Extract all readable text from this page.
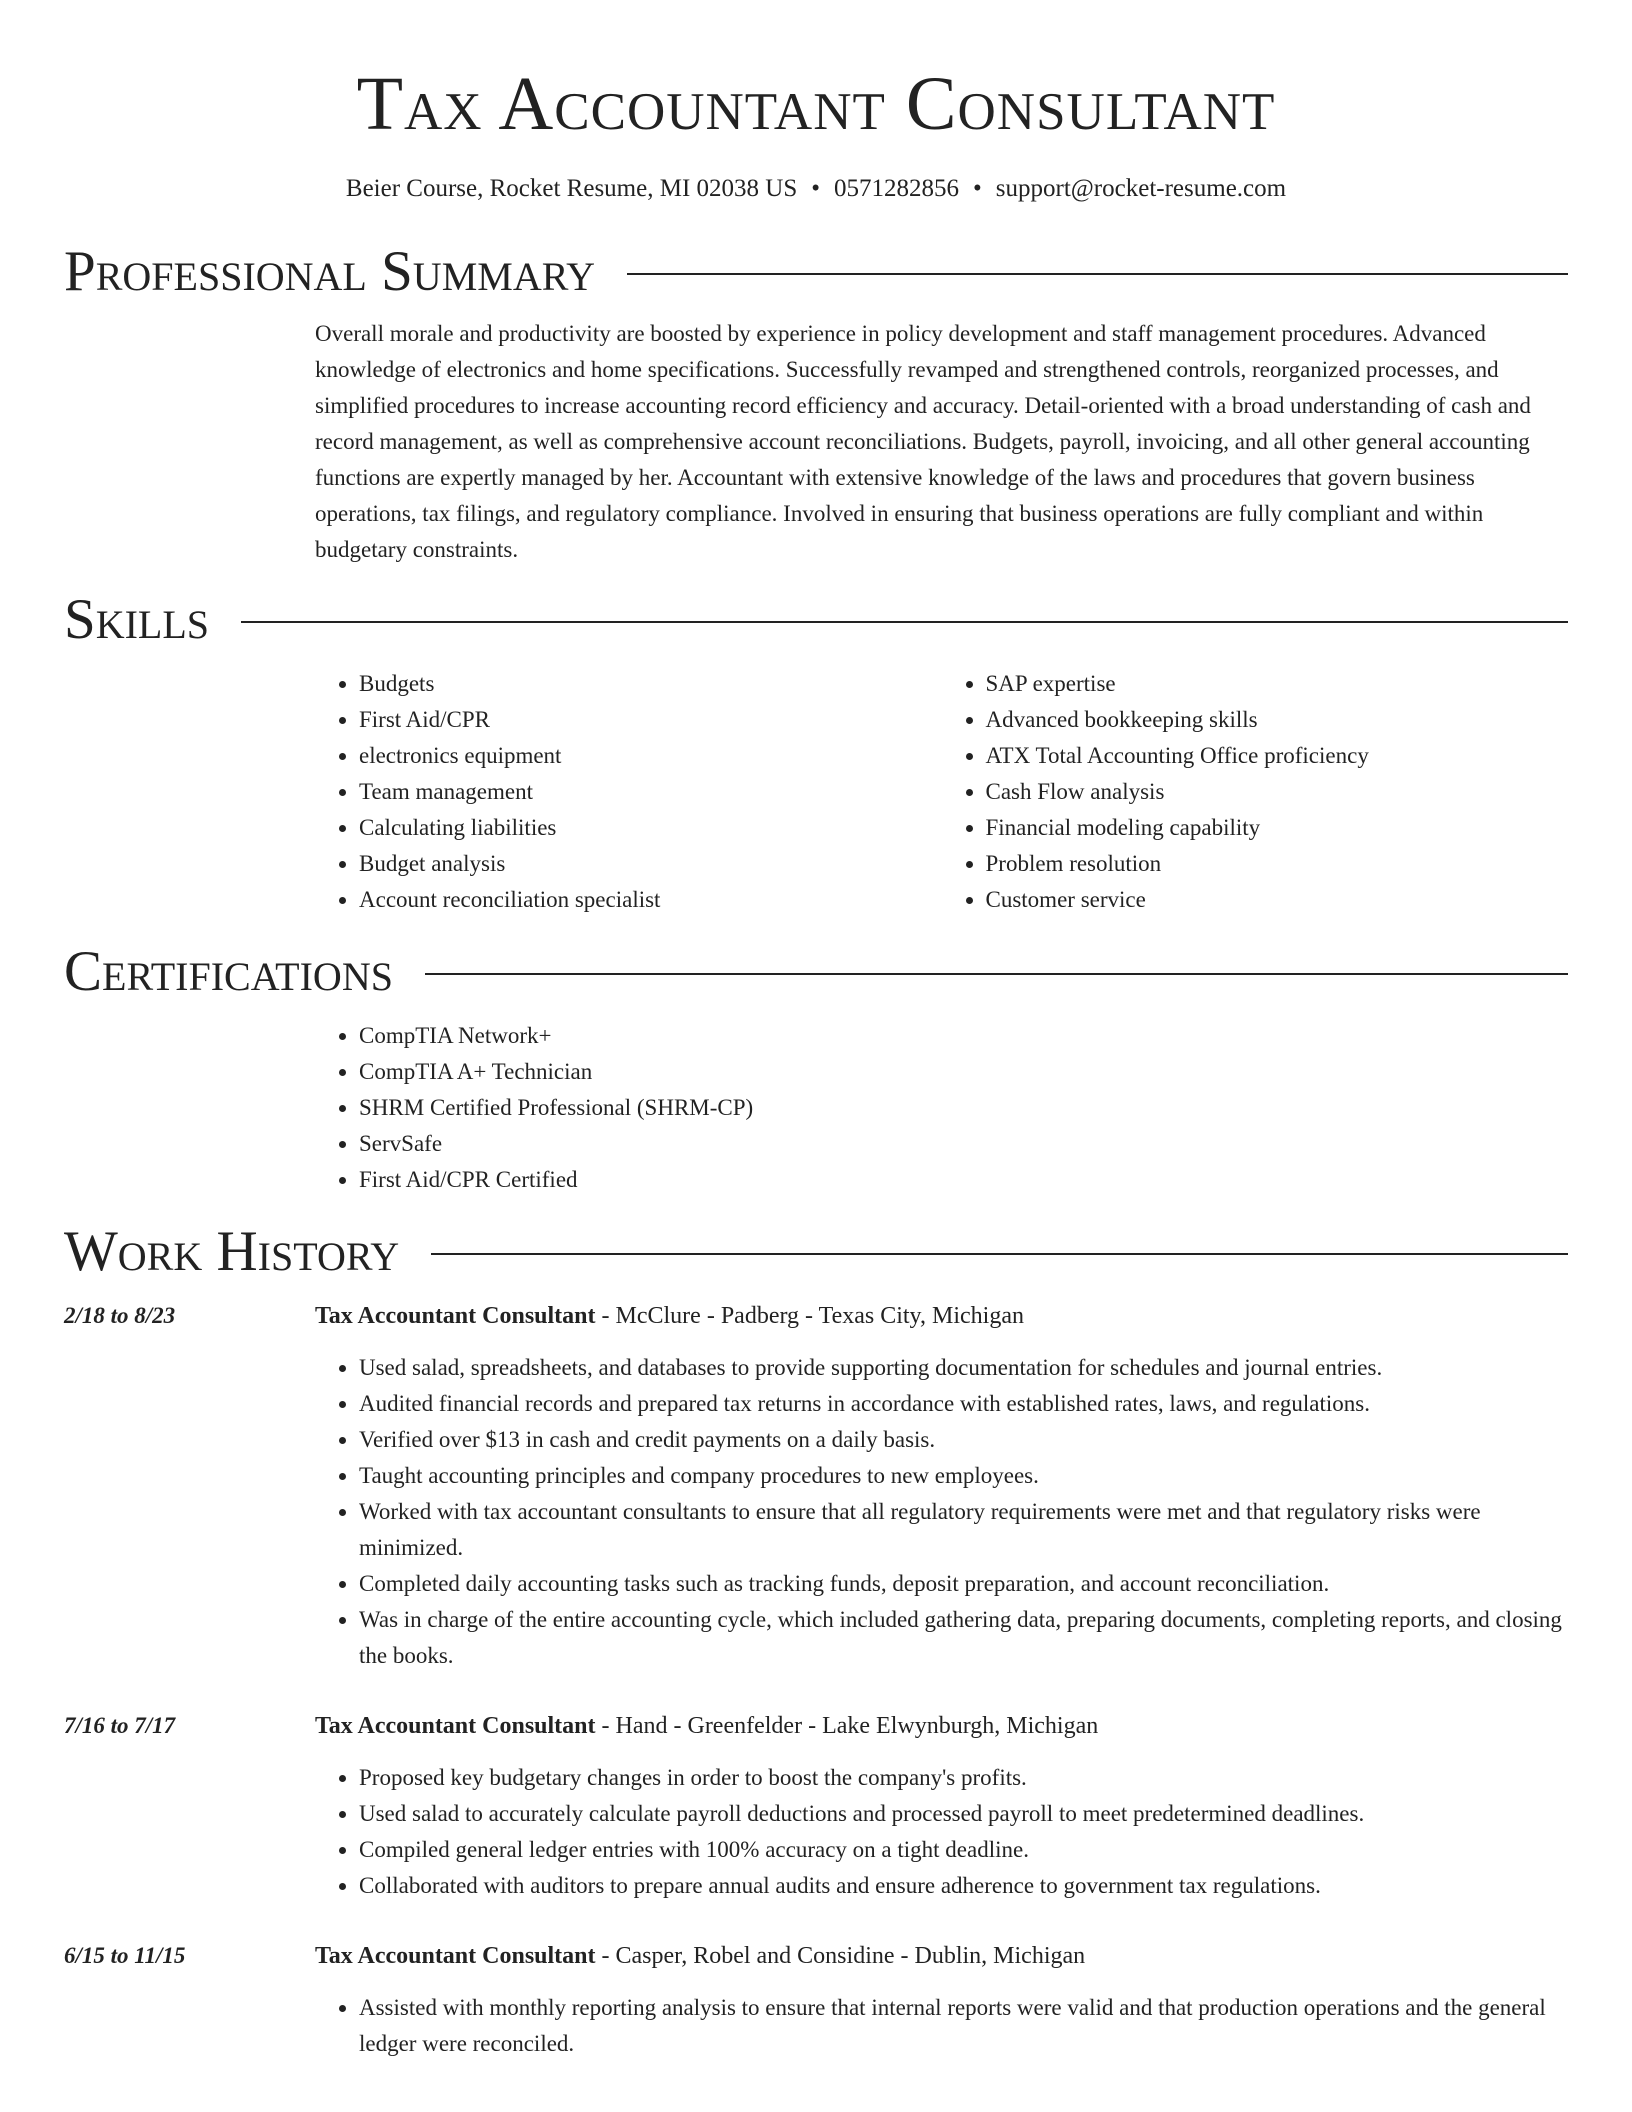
Tax Accountant Consultant
Beier Course, Rocket Resume, MI 02038 US • 0571282856 • support@rocket-resume.com
Professional Summary

Overall morale and productivity are boosted by experience in policy development and staff management procedures. Advanced knowledge of electronics and home specifications. Successfully revamped and strengthened controls, reorganized processes, and simplified procedures to increase accounting record efficiency and accuracy. Detail-oriented with a broad understanding of cash and record management, as well as comprehensive account reconciliations. Budgets, payroll, invoicing, and all other general accounting functions are expertly managed by her. Accountant with extensive knowledge of the laws and procedures that govern business operations, tax filings, and regulatory compliance. Involved in ensuring that business operations are fully compliant and within budgetary constraints.

Skills
• Budgets
• First Aid/CPR
• electronics equipment
• Team management
• Calculating liabilities
• Budget analysis
• Account reconciliation specialist
• SAP expertise
• Advanced bookkeeping skills
• ATX Total Accounting Office proficiency
• Cash Flow analysis
• Financial modeling capability
• Problem resolution
• Customer service
Certifications
• CompTIA Network+
• CompTIA A+ Technician
• SHRM Certified Professional (SHRM-CP)
• ServSafe
• First Aid/CPR Certified
Work History
2/18 to 8/23	Tax Accountant Consultant - McClure - Padberg - Texas City, Michigan
• Used salad, spreadsheets, and databases to provide supporting documentation for schedules and journal entries.
• Audited financial records and prepared tax returns in accordance with established rates, laws, and regulations.
• Verified over $13 in cash and credit payments on a daily basis.
• Taught accounting principles and company procedures to new employees.
• Worked with tax accountant consultants to ensure that all regulatory requirements were met and that regulatory risks were minimized.
• Completed daily accounting tasks such as tracking funds, deposit preparation, and account reconciliation.
• Was in charge of the entire accounting cycle, which included gathering data, preparing documents, completing reports, and closing the books.
7/16 to 7/17	Tax Accountant Consultant - Hand - Greenfelder - Lake Elwynburgh, Michigan
• Proposed key budgetary changes in order to boost the company's profits.
• Used salad to accurately calculate payroll deductions and processed payroll to meet predetermined deadlines.
• Compiled general ledger entries with 100% accuracy on a tight deadline.
• Collaborated with auditors to prepare annual audits and ensure adherence to government tax regulations.
6/15 to 11/15	Tax Accountant Consultant - Casper, Robel and Considine - Dublin, Michigan
• Assisted with monthly reporting analysis to ensure that internal reports were valid and that production operations and the general ledger were reconciled.
